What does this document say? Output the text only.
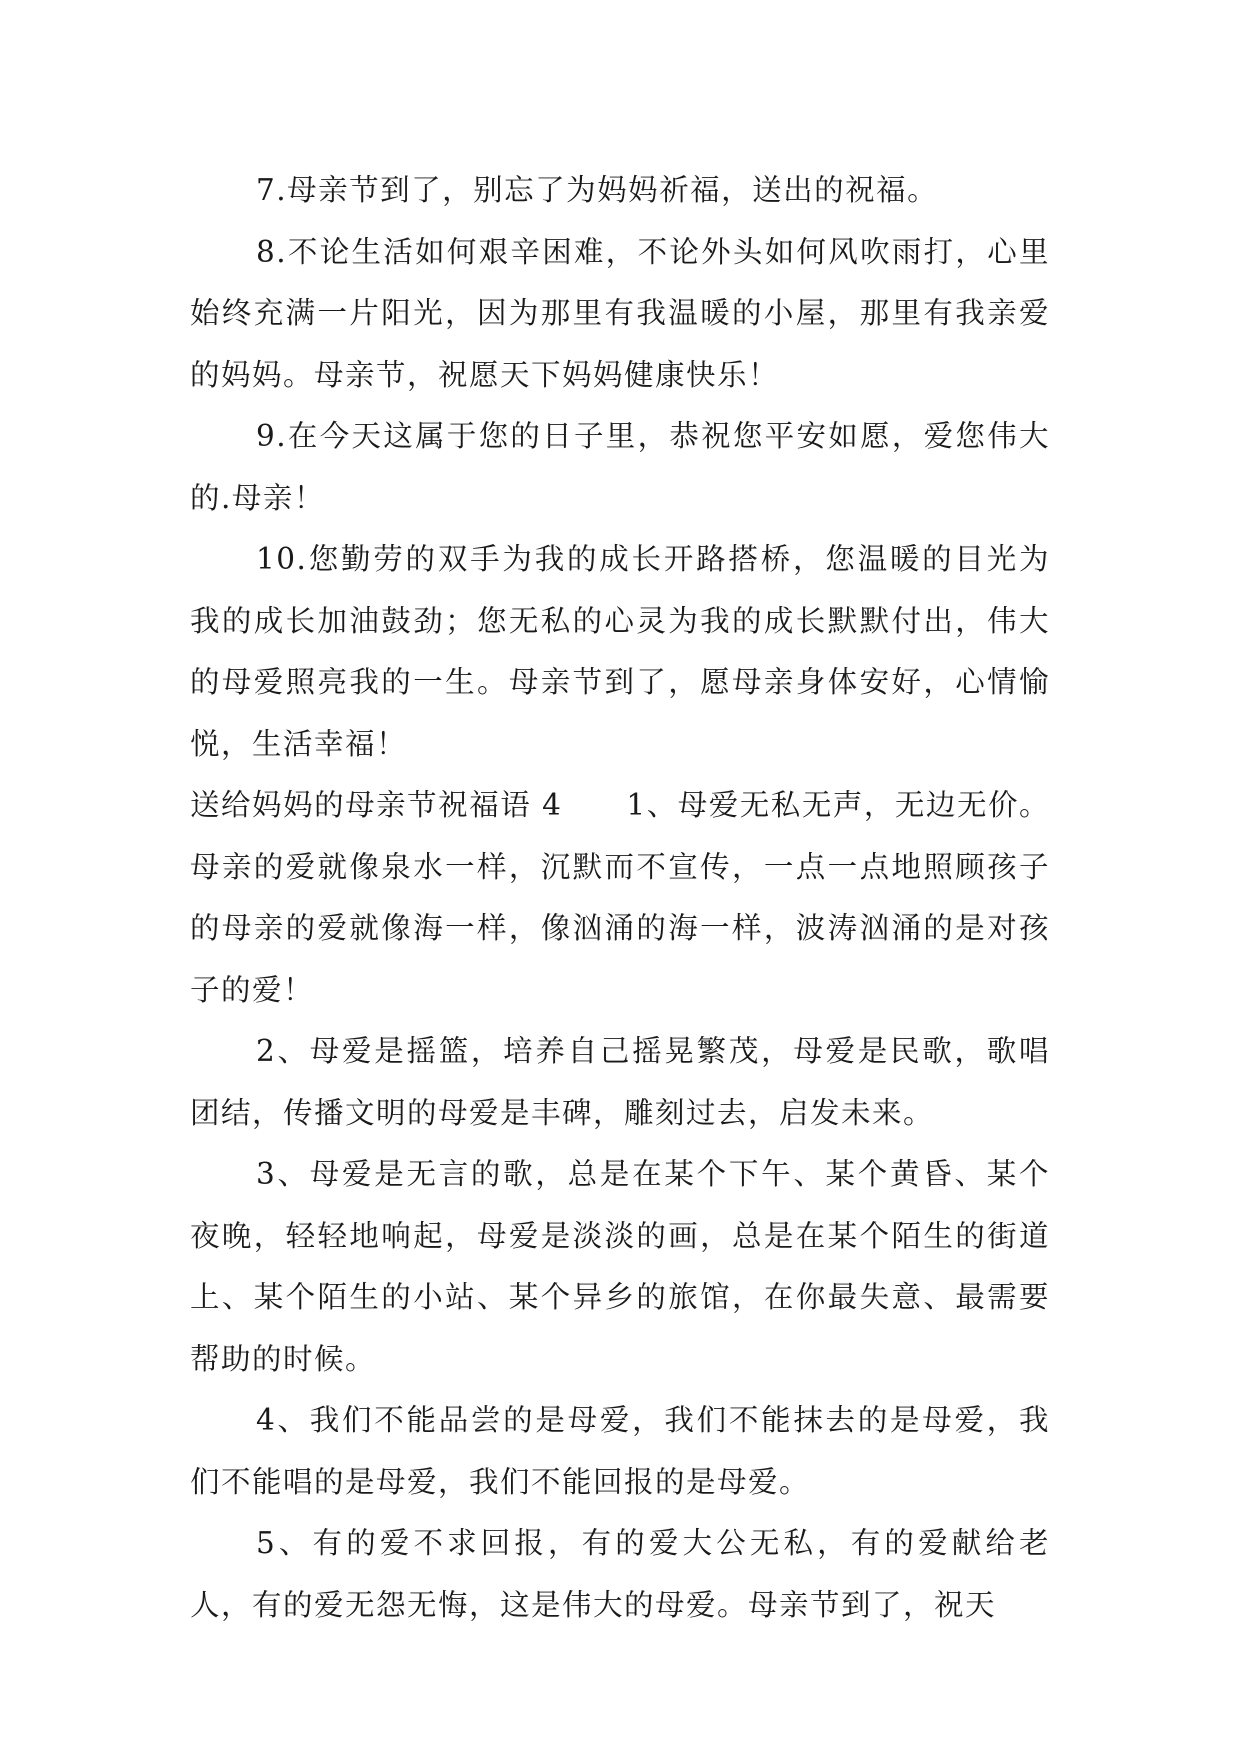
7.母亲节到了，别忘了为妈妈祈福，送出的祝福。

8.不论生活如何艰辛困难，不论外头如何风吹雨打，心里始终充满一片阳光，因为那里有我温暖的小屋，那里有我亲爱的妈妈。母亲节，祝愿天下妈妈健康快乐！

9.在今天这属于您的日子里，恭祝您平安如愿，爱您伟大的.母亲！

10.您勤劳的双手为我的成长开路搭桥，您温暖的目光为我的成长加油鼓劲；您无私的心灵为我的成长默默付出，伟大的母爱照亮我的一生。母亲节到了，愿母亲身体安好，心情愉悦，生活幸福！

送给妈妈的母亲节祝福语 4 1、母爱无私无声，无边无价。母亲的爱就像泉水一样，沉默而不宣传，一点一点地照顾孩子的母亲的爱就像海一样，像汹涌的海一样，波涛汹涌的是对孩子的爱！

2、母爱是摇篮，培养自己摇晃繁茂，母爱是民歌，歌唱团结，传播文明的母爱是丰碑，雕刻过去，启发未来。

3、母爱是无言的歌，总是在某个下午、某个黄昏、某个夜晚，轻轻地响起，母爱是淡淡的画，总是在某个陌生的街道上、某个陌生的小站、某个异乡的旅馆，在你最失意、最需要帮助的时候。

4、我们不能品尝的是母爱，我们不能抹去的是母爱，我们不能唱的是母爱，我们不能回报的是母爱。

5、有的爱不求回报，有的爱大公无私，有的爱献给老人，有的爱无怨无悔，这是伟大的母爱。母亲节到了，祝天
